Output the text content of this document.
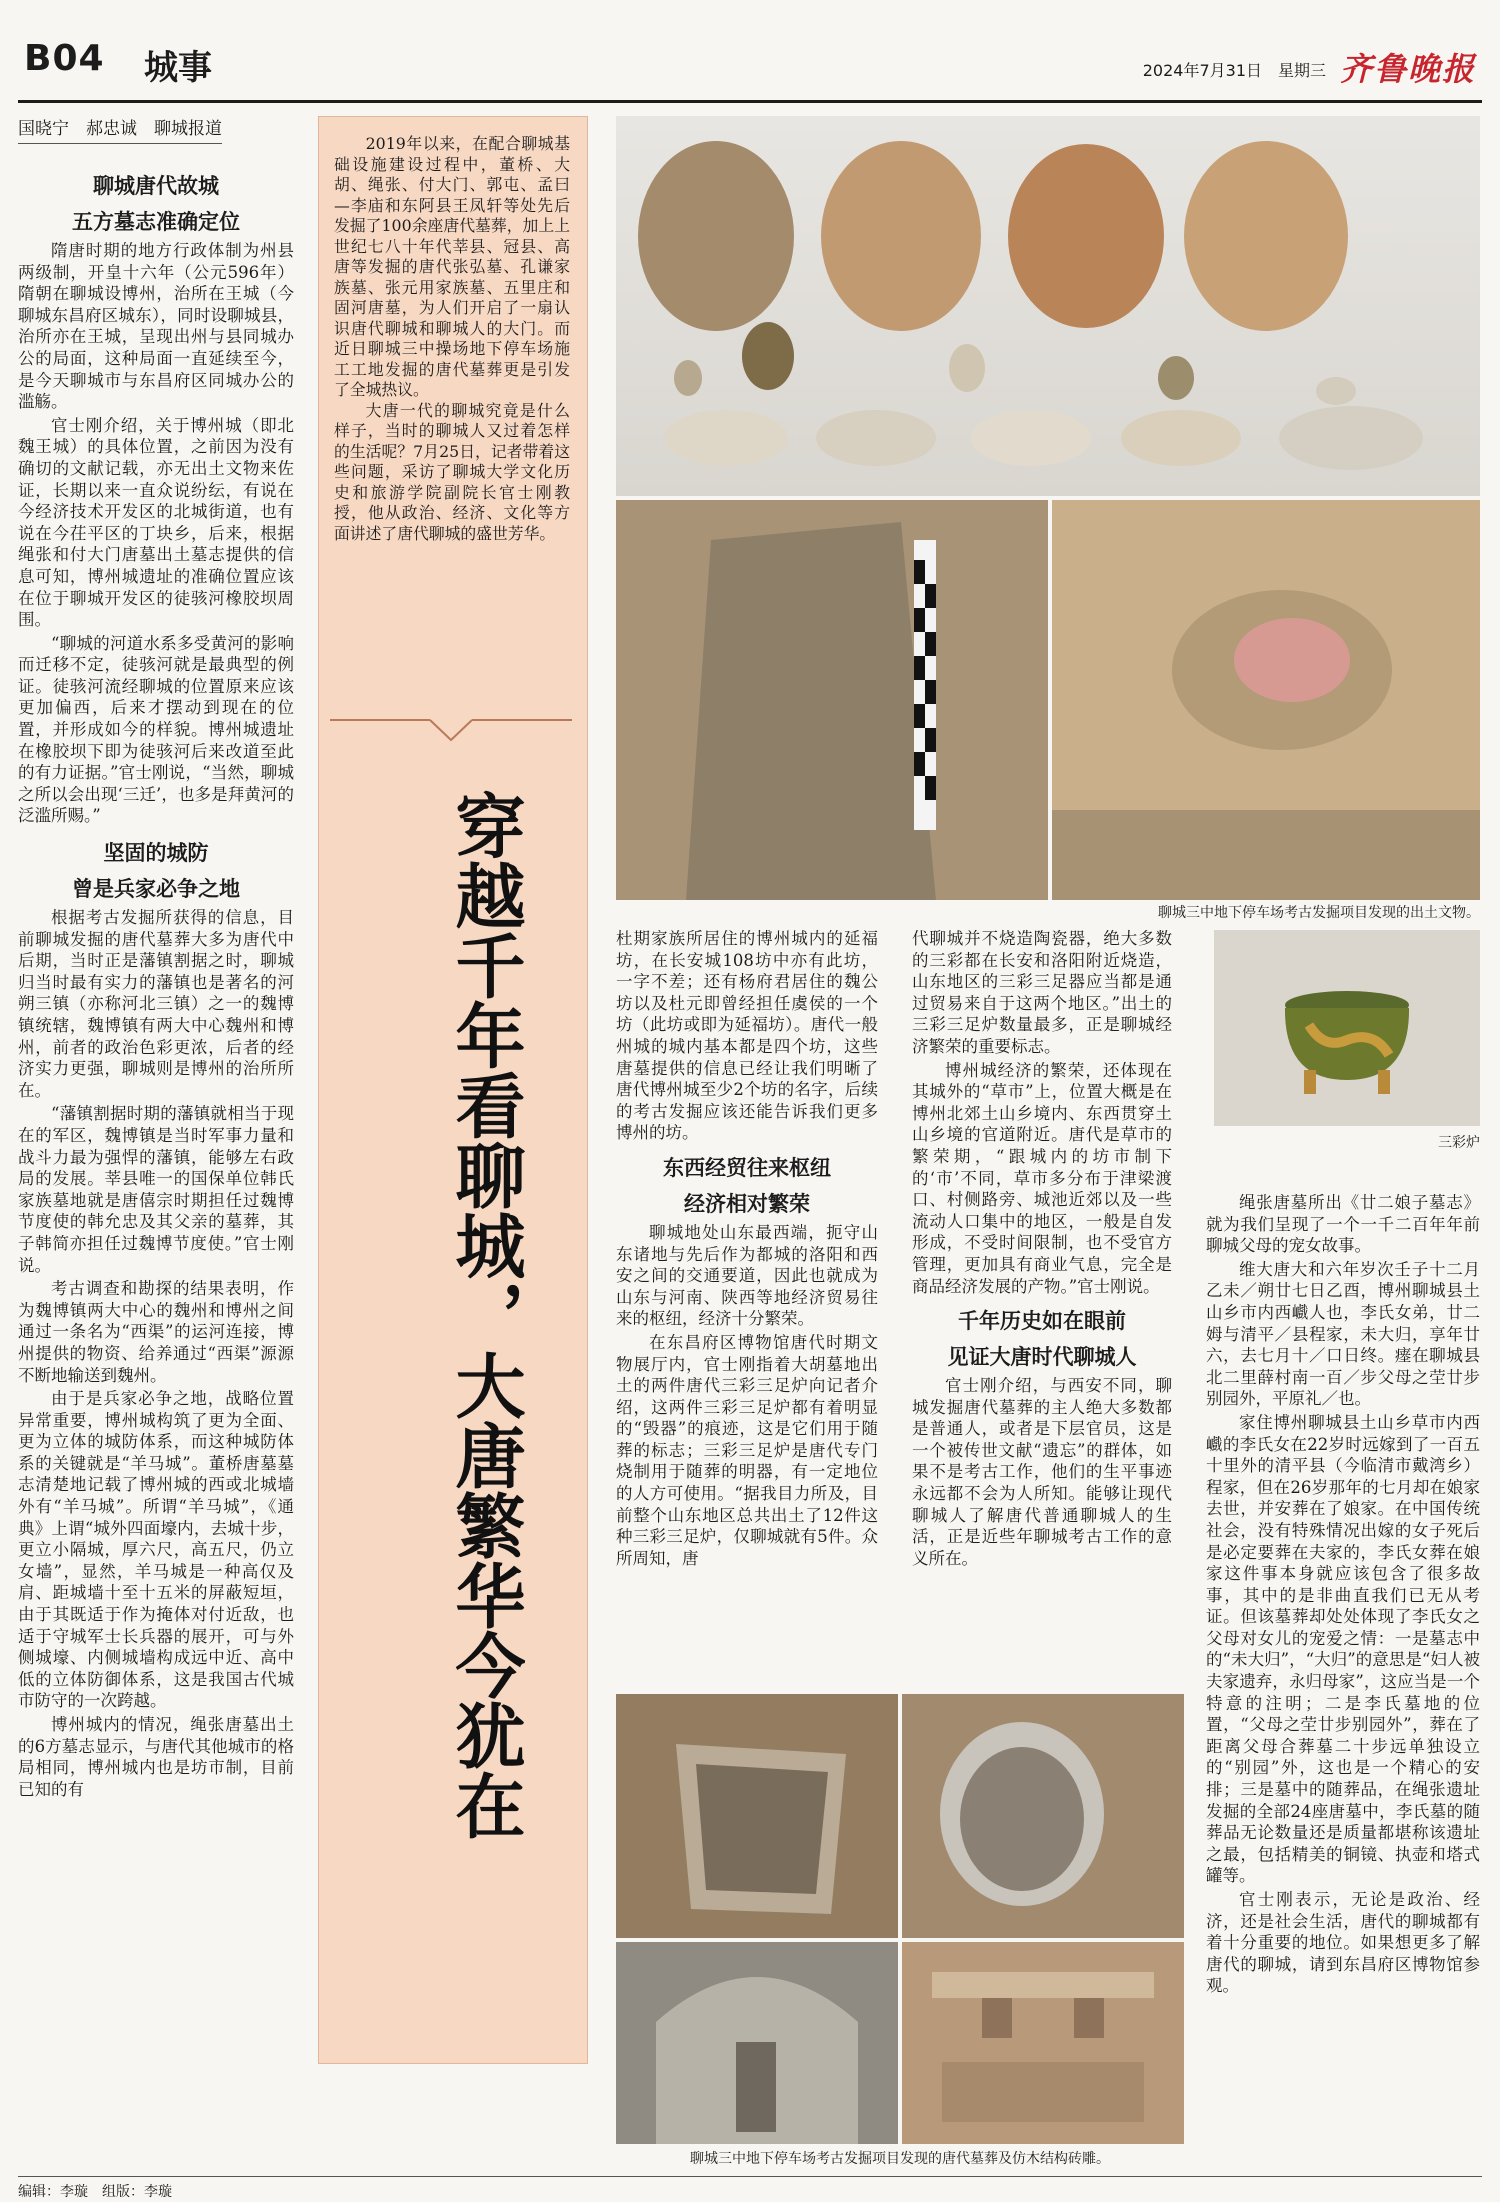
B04 城事	2024年7月31日　星期三 齐鲁晚报
国晓宁　郝忠诚　聊城报道
聊城唐代故城
五方墓志准确定位

隋唐时期的地方行政体制为州县两级制，开皇十六年（公元596年）隋朝在聊城设博州，治所在王城（今聊城东昌府区城东），同时设聊城县，治所亦在王城，呈现出州与县同城办公的局面，这种局面一直延续至今，是今天聊城市与东昌府区同城办公的滥觞。

官士刚介绍，关于博州城（即北魏王城）的具体位置，之前因为没有确切的文献记载，亦无出土文物来佐证，长期以来一直众说纷纭，有说在今经济技术开发区的北城街道，也有说在今茌平区的丁块乡，后来，根据绳张和付大门唐墓出土墓志提供的信息可知，博州城遗址的准确位置应该在位于聊城开发区的徒骇河橡胶坝周围。

“聊城的河道水系多受黄河的影响而迁移不定，徒骇河就是最典型的例证。徒骇河流经聊城的位置原来应该更加偏西，后来才摆动到现在的位置，并形成如今的样貌。博州城遗址在橡胶坝下即为徒骇河后来改道至此的有力证据。”官士刚说，“当然，聊城之所以会出现‘三迁’，也多是拜黄河的泛滥所赐。”

坚固的城防
曾是兵家必争之地

根据考古发掘所获得的信息，目前聊城发掘的唐代墓葬大多为唐代中后期，当时正是藩镇割据之时，聊城归当时最有实力的藩镇也是著名的河朔三镇（亦称河北三镇）之一的魏博镇统辖，魏博镇有两大中心魏州和博州，前者的政治色彩更浓，后者的经济实力更强，聊城则是博州的治所所在。

“藩镇割据时期的藩镇就相当于现在的军区，魏博镇是当时军事力量和战斗力最为强悍的藩镇，能够左右政局的发展。莘县唯一的国保单位韩氏家族墓地就是唐僖宗时期担任过魏博节度使的韩允忠及其父亲的墓葬，其子韩简亦担任过魏博节度使。”官士刚说。

考古调查和勘探的结果表明，作为魏博镇两大中心的魏州和博州之间通过一条名为“西渠”的运河连接，博州提供的物资、给养通过“西渠”源源不断地输送到魏州。

由于是兵家必争之地，战略位置异常重要，博州城构筑了更为全面、更为立体的城防体系，而这种城防体系的关键就是“羊马城”。董桥唐墓墓志清楚地记载了博州城的西或北城墙外有“羊马城”。所谓“羊马城”，《通典》上谓“城外四面壕内，去城十步，更立小隔城，厚六尺，高五尺，仍立女墙”，显然，羊马城是一种高仅及肩、距城墙十至十五米的屏蔽短垣，由于其既适于作为掩体对付近敌，也适于守城军士长兵器的展开，可与外侧城壕、内侧城墙构成远中近、高中低的立体防御体系，这是我国古代城市防守的一次跨越。

博州城内的情况，绳张唐墓出土的6方墓志显示，与唐代其他城市的格局相同，博州城内也是坊市制，目前已知的有

2019年以来，在配合聊城基础设施建设过程中，董桥、大胡、绳张、付大门、郭屯、孟曰—李庙和东阿县王凤轩等处先后发掘了100余座唐代墓葬，加上上世纪七八十年代莘县、冠县、高唐等发掘的唐代张弘墓、孔谦家族墓、张元用家族墓、五里庄和固河唐墓，为人们开启了一扇认识唐代聊城和聊城人的大门。而近日聊城三中操场地下停车场施工工地发掘的唐代墓葬更是引发了全城热议。

大唐一代的聊城究竟是什么样子，当时的聊城人又过着怎样的生活呢？7月25日，记者带着这些问题，采访了聊城大学文化历史和旅游学院副院长官士刚教授，他从政治、经济、文化等方面讲述了唐代聊城的盛世芳华。

穿越千年看聊城，大唐繁华今犹在	聊城三中地下停车场考古发掘项目发现的出土文物。
三彩炉

杜期家族所居住的博州城内的延福坊，在长安城108坊中亦有此坊，一字不差；还有杨府君居住的魏公坊以及杜元即曾经担任虞侯的一个坊（此坊或即为延福坊）。唐代一般州城的城内基本都是四个坊，这些唐墓提供的信息已经让我们明晰了唐代博州城至少2个坊的名字，后续的考古发掘应该还能告诉我们更多博州的坊。

东西经贸往来枢纽
经济相对繁荣

聊城地处山东最西端，扼守山东诸地与先后作为都城的洛阳和西安之间的交通要道，因此也就成为山东与河南、陕西等地经济贸易往来的枢纽，经济十分繁荣。

在东昌府区博物馆唐代时期文物展厅内，官士刚指着大胡墓地出土的两件唐代三彩三足炉向记者介绍，这两件三彩三足炉都有着明显的“毁器”的痕迹，这是它们用于随葬的标志；三彩三足炉是唐代专门烧制用于随葬的明器，有一定地位的人方可使用。“据我目力所及，目前整个山东地区总共出土了12件这种三彩三足炉，仅聊城就有5件。众所周知，唐

代聊城并不烧造陶瓷器，绝大多数的三彩都在长安和洛阳附近烧造，山东地区的三彩三足器应当都是通过贸易来自于这两个地区。”出土的三彩三足炉数量最多，正是聊城经济繁荣的重要标志。

博州城经济的繁荣，还体现在其城外的“草市”上，位置大概是在博州北郊土山乡境内、东西贯穿土山乡境的官道附近。唐代是草市的繁荣期，“跟城内的坊市制下的‘市’不同，草市多分布于津梁渡口、村侧路旁、城池近郊以及一些流动人口集中的地区，一般是自发形成，不受时间限制，也不受官方管理，更加具有商业气息，完全是商品经济发展的产物。”官士刚说。

千年历史如在眼前
见证大唐时代聊城人

官士刚介绍，与西安不同，聊城发掘唐代墓葬的主人绝大多数都是普通人，或者是下层官员，这是一个被传世文献“遗忘”的群体，如果不是考古工作，他们的生平事迹永远都不会为人所知。能够让现代聊城人了解唐代普通聊城人的生活，正是近些年聊城考古工作的意义所在。

绳张唐墓所出《廿二娘子墓志》就为我们呈现了一个一千二百年年前聊城父母的宠女故事。

维大唐大和六年岁次壬子十二月乙未／朔廿七日乙酉，博州聊城县土山乡市内西巇人也，李氏女弟，廿二姆与清平／县程家，未大归，享年廿六，去七月十／口日终。瘗在聊城县北二里薛村南一百／步父母之茔廿步别园外，平原礼／也。

家住博州聊城县土山乡草市内西巇的李氏女在22岁时远嫁到了一百五十里外的清平县（今临清市戴湾乡）程家，但在26岁那年的七月却在娘家去世，并安葬在了娘家。在中国传统社会，没有特殊情况出嫁的女子死后是必定要葬在夫家的，李氏女葬在娘家这件事本身就应该包含了很多故事，其中的是非曲直我们已无从考证。但该墓葬却处处体现了李氏女之父母对女儿的宠爱之情：一是墓志中的“未大归”，“大归”的意思是“妇人被夫家遗弃，永归母家”，这应当是一个特意的注明；二是李氏墓地的位置，“父母之茔廿步别园外”，葬在了距离父母合葬墓二十步远单独设立的“别园”外，这也是一个精心的安排；三是墓中的随葬品，在绳张遗址发掘的全部24座唐墓中，李氏墓的随葬品无论数量还是质量都堪称该遗址之最，包括精美的铜镜、执壶和塔式罐等。

官士刚表示，无论是政治、经济，还是社会生活，唐代的聊城都有着十分重要的地位。如果想更多了解唐代的聊城，请到东昌府区博物馆参观。

聊城三中地下停车场考古发掘项目发现的唐代墓葬及仿木结构砖雕。
编辑：李璇　组版：李璇
